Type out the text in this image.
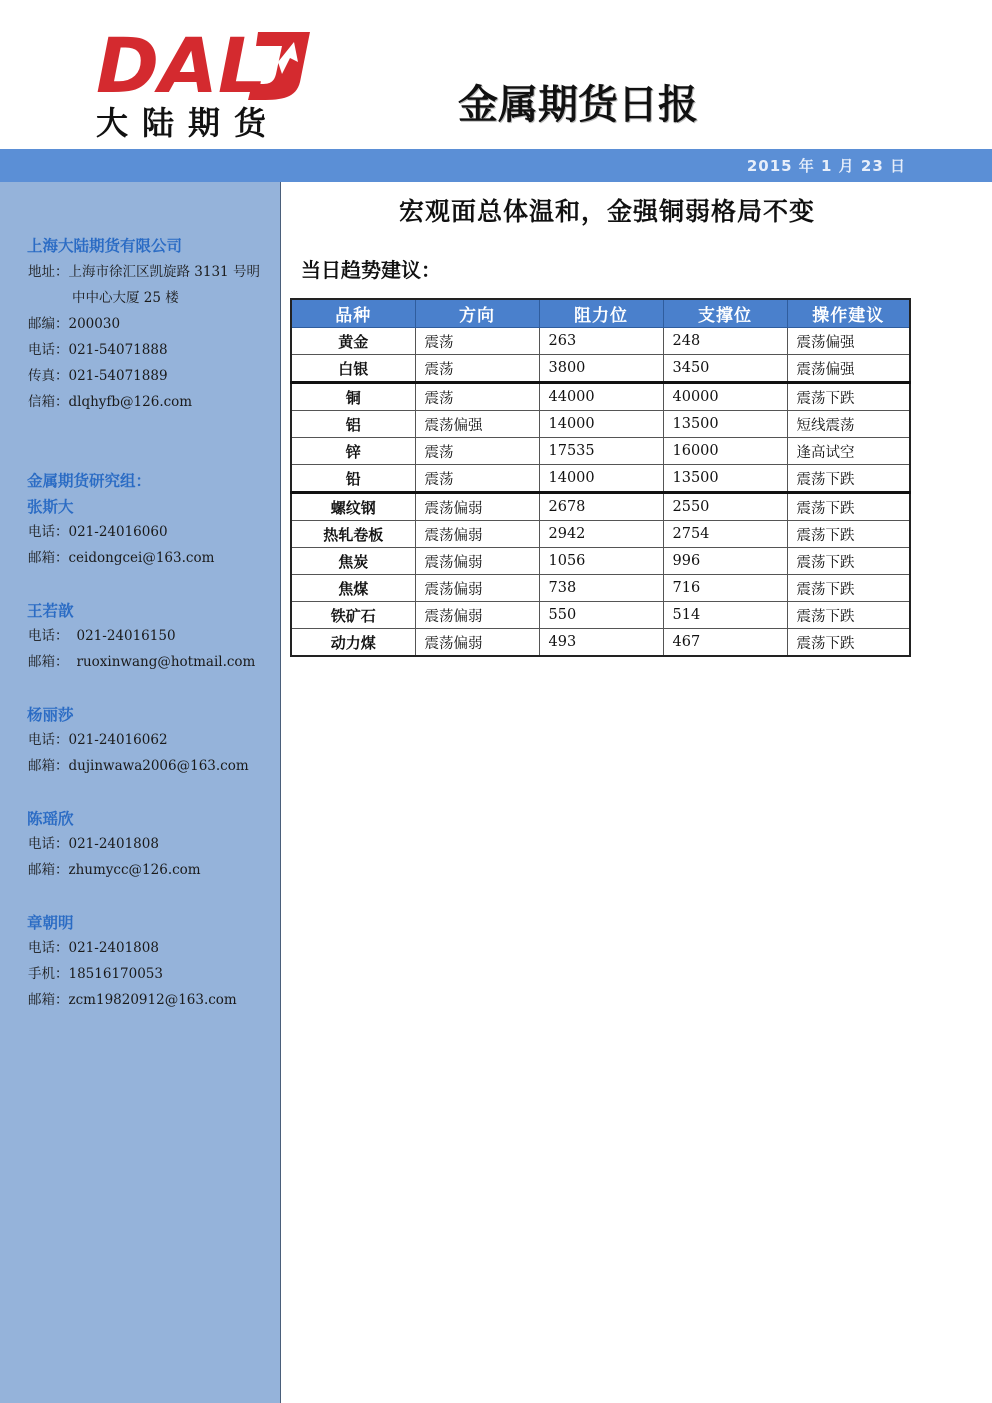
DAL
大陆期货	金属期货日报
2015 年 1 月 23 日
上海大陆期货有限公司
地址：上海市徐汇区凯旋路 3131 号明
中中心大厦 25 楼
邮编：200030
电话：021-54071888
传真：021-54071889
信箱：dlqhyfb@126.com
金属期货研究组：
张斯大
电话：021-24016060
邮箱：ceidongcei@163.com
王若歆
电话： 021-24016150
邮箱： ruoxinwang@hotmail.com
杨丽莎
电话：021-24016062
邮箱：dujinwawa2006@163.com
陈瑶欣
电话：021-2401808
邮箱：zhumycc@126.com
章朝明
电话：021-2401808
手机：18516170053
邮箱：zcm19820912@163.com
宏观面总体温和，金强铜弱格局不变
当日趋势建议：
品种	方向	阻力位	支撑位	操作建议
黄金	震荡	263	248	震荡偏强
白银	震荡	3800	3450	震荡偏强
铜	震荡	44000	40000	震荡下跌
铝	震荡偏强	14000	13500	短线震荡
锌	震荡	17535	16000	逢高试空
铅	震荡	14000	13500	震荡下跌
螺纹钢	震荡偏弱	2678	2550	震荡下跌
热轧卷板	震荡偏弱	2942	2754	震荡下跌
焦炭	震荡偏弱	1056	996	震荡下跌
焦煤	震荡偏弱	738	716	震荡下跌
铁矿石	震荡偏弱	550	514	震荡下跌
动力煤	震荡偏弱	493	467	震荡下跌
